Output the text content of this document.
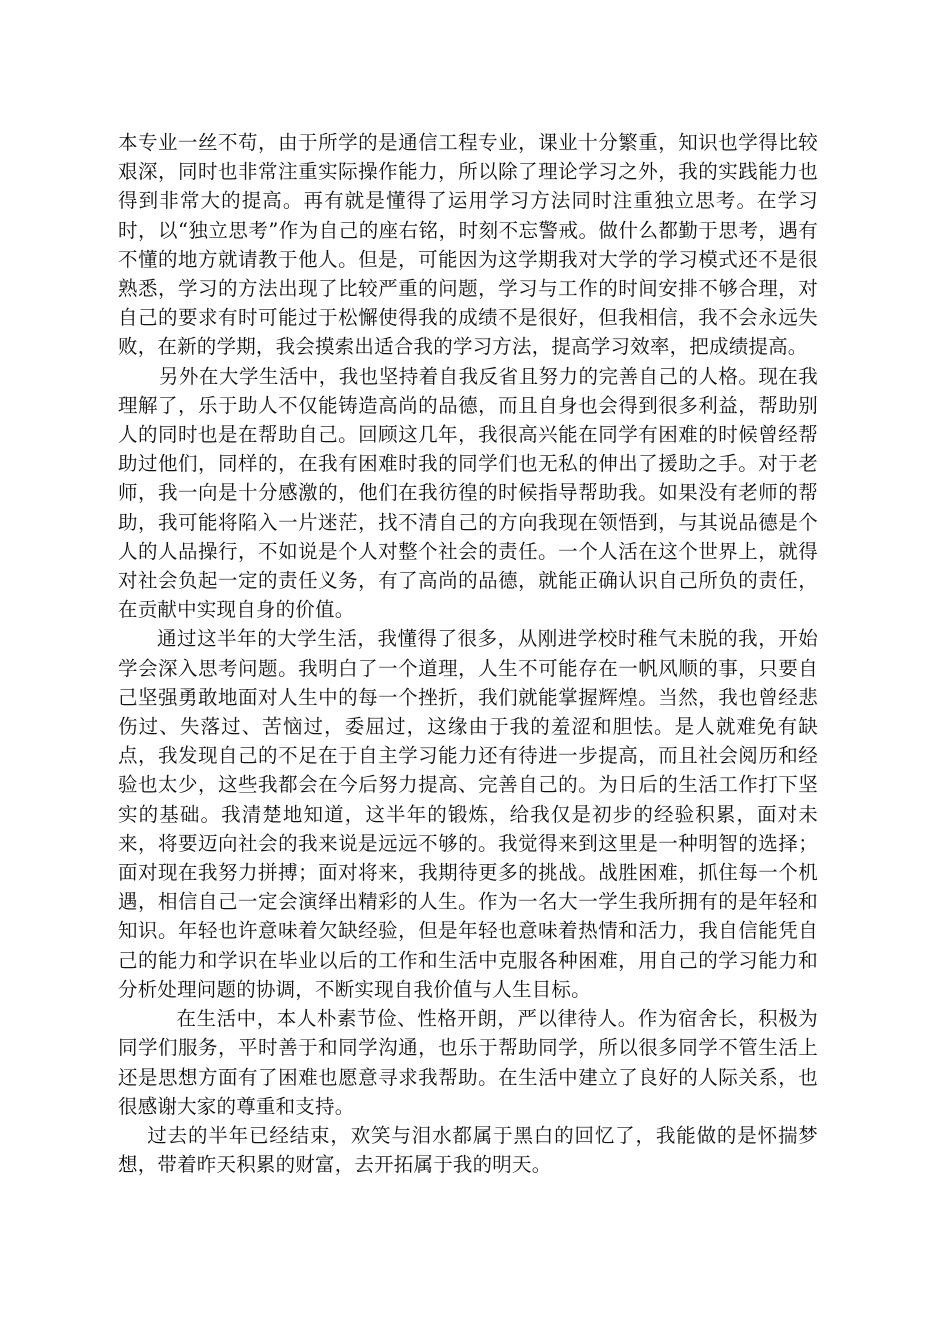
本专业一丝不苟，由于所学的是通信工程专业，课业十分繁重，知识也学得比较艰深，同时也非常注重实际操作能力，所以除了理论学习之外，我的实践能力也得到非常大的提高。再有就是懂得了运用学习方法同时注重独立思考。在学习时，以“独立思考”作为自己的座右铭，时刻不忘警戒。做什么都勤于思考，遇有不懂的地方就请教于他人。但是，可能因为这学期我对大学的学习模式还不是很熟悉，学习的方法出现了比较严重的问题，学习与工作的时间安排不够合理，对自己的要求有时可能过于松懈使得我的成绩不是很好，但我相信，我不会永远失败，在新的学期，我会摸索出适合我的学习方法，提高学习效率，把成绩提高。

另外在大学生活中，我也坚持着自我反省且努力的完善自己的人格。现在我理解了，乐于助人不仅能铸造高尚的品德，而且自身也会得到很多利益，帮助别人的同时也是在帮助自己。回顾这几年，我很高兴能在同学有困难的时候曾经帮助过他们，同样的，在我有困难时我的同学们也无私的伸出了援助之手。对于老师，我一向是十分感激的，他们在我彷徨的时候指导帮助我。如果没有老师的帮助，我可能将陷入一片迷茫，找不清自己的方向我现在领悟到，与其说品德是个人的人品操行，不如说是个人对整个社会的责任。一个人活在这个世界上，就得对社会负起一定的责任义务，有了高尚的品德，就能正确认识自己所负的责任，在贡献中实现自身的价值。

通过这半年的大学生活，我懂得了很多，从刚进学校时稚气未脱的我，开始学会深入思考问题。我明白了一个道理，人生不可能存在一帆风顺的事，只要自己坚强勇敢地面对人生中的每一个挫折，我们就能掌握辉煌。当然，我也曾经悲伤过、失落过、苦恼过，委屈过，这缘由于我的羞涩和胆怯。是人就难免有缺点，我发现自己的不足在于自主学习能力还有待进一步提高，而且社会阅历和经验也太少，这些我都会在今后努力提高、完善自己的。为日后的生活工作打下坚实的基础。我清楚地知道，这半年的锻炼，给我仅是初步的经验积累，面对未来，将要迈向社会的我来说是远远不够的。我觉得来到这里是一种明智的选择；面对现在我努力拼搏；面对将来，我期待更多的挑战。战胜困难，抓住每一个机遇，相信自己一定会演绎出精彩的人生。作为一名大一学生我所拥有的是年轻和知识。年轻也许意味着欠缺经验，但是年轻也意味着热情和活力，我自信能凭自己的能力和学识在毕业以后的工作和生活中克服各种困难，用自己的学习能力和分析处理问题的协调，不断实现自我价值与人生目标。

在生活中，本人朴素节俭、性格开朗，严以律待人。作为宿舍长，积极为同学们服务，平时善于和同学沟通，也乐于帮助同学，所以很多同学不管生活上还是思想方面有了困难也愿意寻求我帮助。在生活中建立了良好的人际关系，也很感谢大家的尊重和支持。

过去的半年已经结束，欢笑与泪水都属于黑白的回忆了，我能做的是怀揣梦想，带着昨天积累的财富，去开拓属于我的明天。
